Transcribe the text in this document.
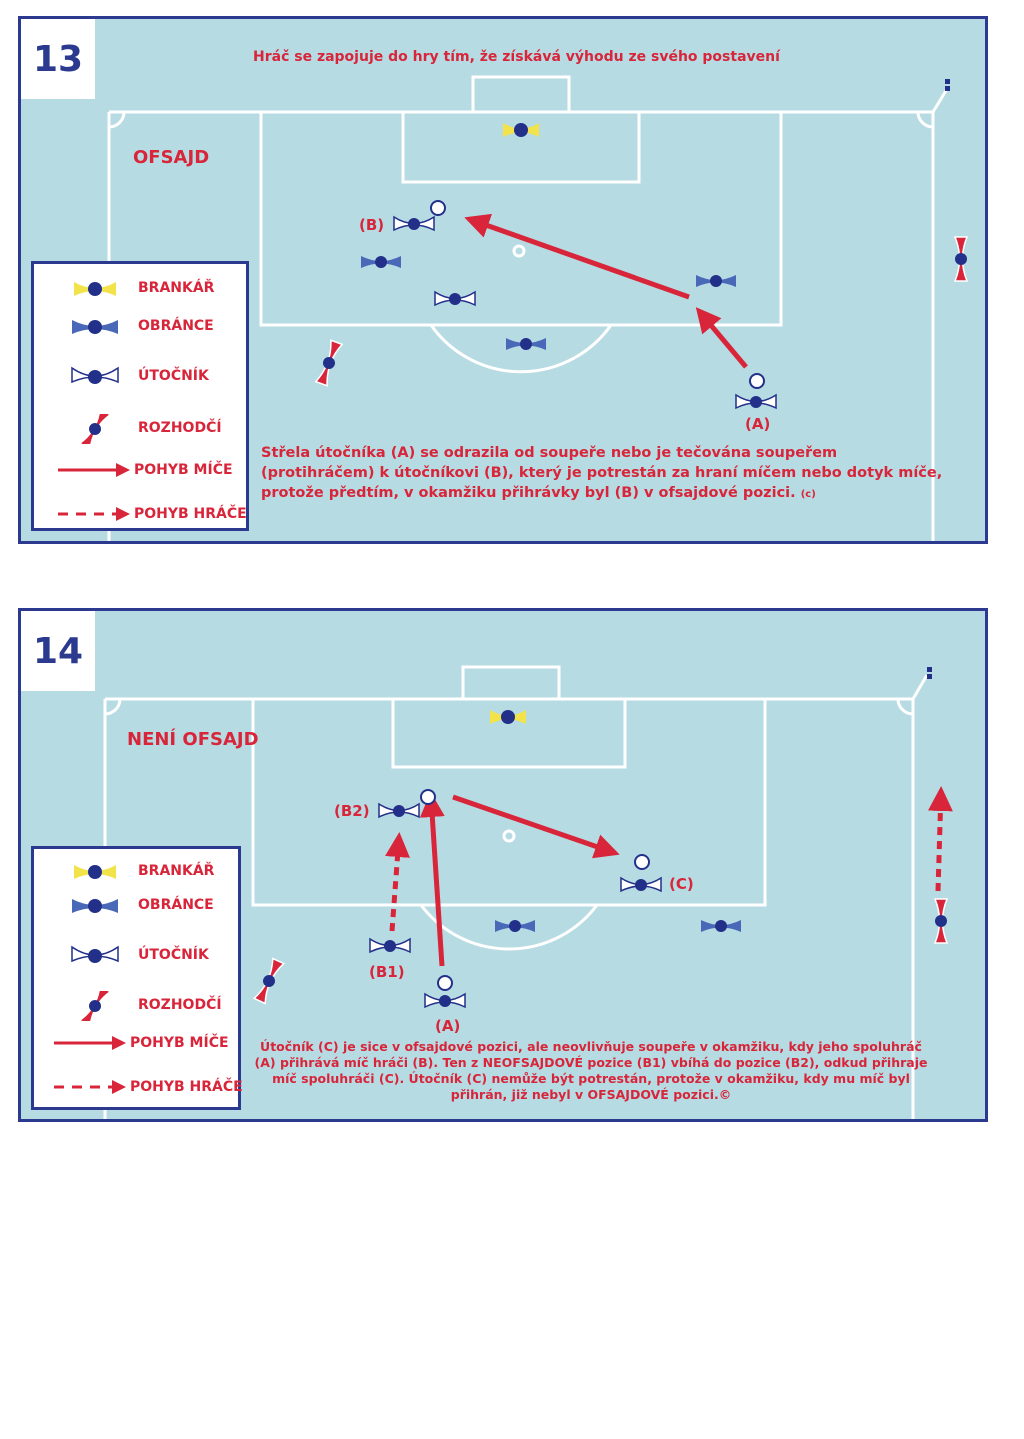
13	Hráč se zapojuje do hry tím, že získává výhodu ze svého postavení
OFSAJD
(B)
(A)
BRANKÁŘ
OBRÁNCE
ÚTOČNÍK
ROZHODČÍ
POHYB MÍČE
POHYB HRÁČE
Střela útočníka (A) se odrazila od soupeře nebo je tečována soupeřem (protihráčem) k útočníkovi (B), který je potrestán za hraní míčem nebo dotyk míče, protože předtím, v okamžiku přihrávky byl (B) v ofsajdové pozici. (c)
14
NENÍ OFSAJD
(B2)
(B1)
(A)
(C)
BRANKÁŘ
OBRÁNCE
ÚTOČNÍK
ROZHODČÍ
POHYB MÍČE
POHYB HRÁČE
Útočník (C) je sice v ofsajdové pozici, ale neovlivňuje soupeře v okamžiku, kdy jeho spoluhráč (A) přihrává míč hráči (B). Ten z NEOFSAJDOVÉ pozice (B1) vbíhá do pozice (B2), odkud přihraje míč spoluhráči (C). Útočník (C) nemůže být potrestán, protože v okamžiku, kdy mu míč byl přihrán, již nebyl v OFSAJDOVÉ pozici.©
